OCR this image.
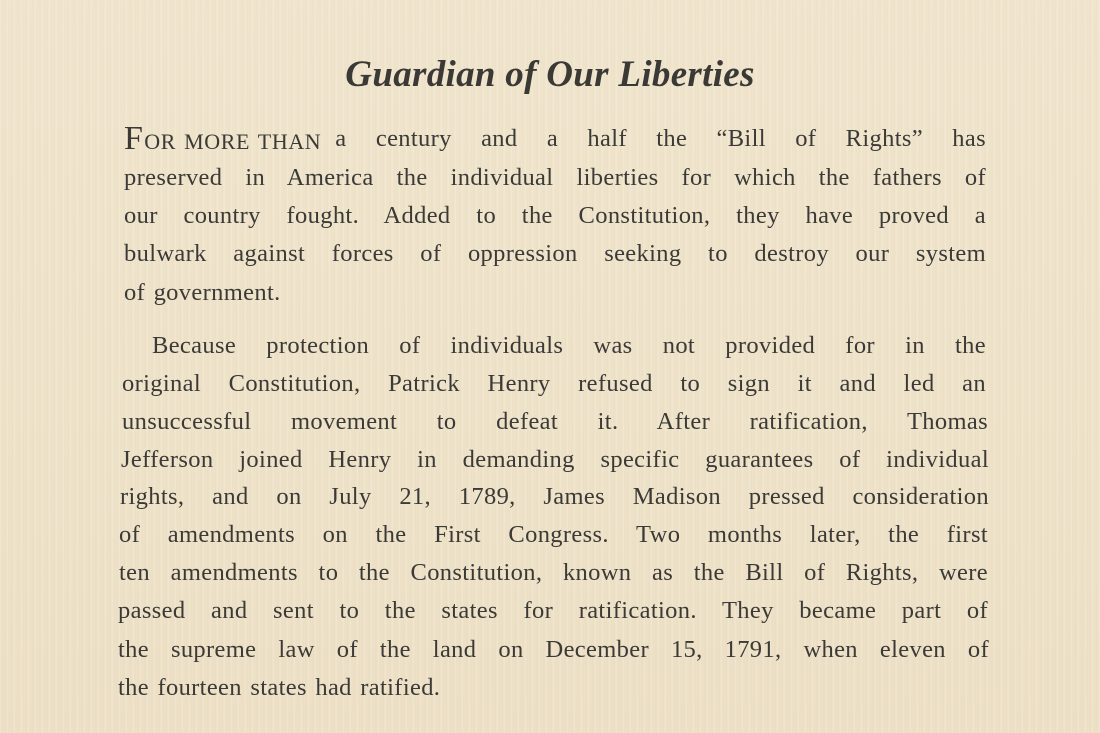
Guardian of Our Liberties
FOR MORE THAN a century and a half the “Bill of Rights” has
preserved in America the individual liberties for which the fathers of
our country fought. Added to the Constitution, they have proved a
bulwark against forces of oppression seeking to destroy our system
of government.
Because protection of individuals was not provided for in the
original Constitution, Patrick Henry refused to sign it and led an
unsuccessful movement to defeat it. After ratification, Thomas
Jefferson joined Henry in demanding specific guarantees of individual
rights, and on July 21, 1789, James Madison pressed consideration
of amendments on the First Congress. Two months later, the first
ten amendments to the Constitution, known as the Bill of Rights, were
passed and sent to the states for ratification. They became part of
the supreme law of the land on December 15, 1791, when eleven of
the fourteen states had ratified.
